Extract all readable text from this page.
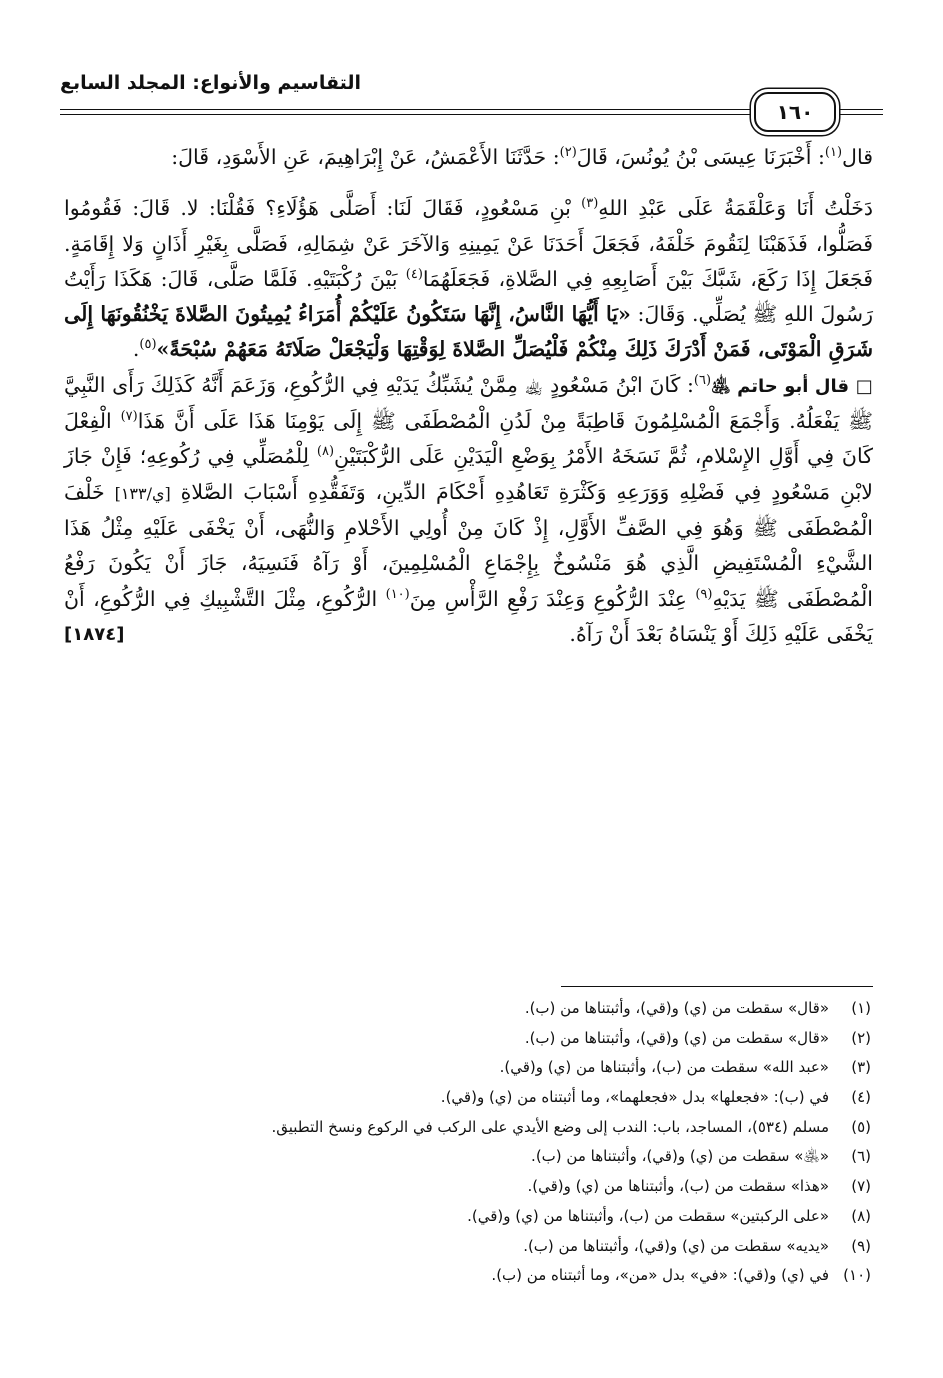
التقاسيم والأنواع: المجلد السابع
١٦٠

قال$^{(١)}$: أَخْبَرَنَا عِيسَى بْنُ يُونُسَ، قَالَ$^{(٢)}$: حَدَّثَنَا الأَعْمَشُ، عَنْ إِبْرَاهِيمَ، عَنِ الأَسْوَدِ، قَالَ:

دَخَلْتُ أَنَا وَعَلْقَمَةُ عَلَى عَبْدِ اللهِ$^{(٣)}$ بْنِ مَسْعُودٍ، فَقَالَ لَنَا: أَصَلَّى هَؤُلَاءِ؟ فَقُلْنَا: لا. قَالَ: فَقُومُوا فَصَلُّوا، فَذَهَبْنَا لِنَقُومَ خَلْفَهُ، فَجَعَلَ أَحَدَنَا عَنْ يَمِينِهِ وَالآخَرَ عَنْ شِمَالِهِ، فَصَلَّى بِغَيْرِ أَذَانٍ وَلا إِقَامَةٍ. فَجَعَلَ إِذَا رَكَعَ، شَبَّكَ بَيْنَ أَصَابِعِهِ فِي الصَّلاةِ، فَجَعَلَهُمَا$^{(٤)}$ بَيْنَ رُكْبَتَيْهِ. فَلَمَّا صَلَّى، قَالَ: هَكَذَا رَأَيْتُ رَسُولَ اللهِ ﷺ يُصَلِّي. وَقَالَ: «يَا أَيُّهَا النَّاسُ، إِنَّهَا سَتَكُونُ عَلَيْكُمْ أُمَرَاءُ يُمِيتُونَ الصَّلاةَ يَخْنُقُونَهَا إِلَى شَرَقِ الْمَوْتَى، فَمَنْ أَدْرَكَ ذَلِكَ مِنْكُمْ فَلْيُصَلِّ الصَّلاةَ لِوَقْتِهَا وَلْيَجْعَلْ صَلَاتَهُ مَعَهُمْ سُبْحَةً»$^{(٥)}$.

□ قال أبو حاتم ﵁$^{(٦)}$: كَانَ ابْنُ مَسْعُودٍ ﵀ مِمَّنْ يُشَبِّكُ يَدَيْهِ فِي الرُّكُوعِ، وَزَعَمَ أَنَّهُ كَذَلِكَ رَأَى النَّبِيَّ ﷺ يَفْعَلُهُ. وَأَجْمَعَ الْمُسْلِمُونَ قَاطِبَةً مِنْ لَدُنِ الْمُصْطَفَى ﷺ إِلَى يَوْمِنَا هَذَا عَلَى أَنَّ هَذَا$^{(٧)}$ الْفِعْلَ كَانَ فِي أَوَّلِ الإِسْلامِ، ثُمَّ نَسَخَهُ الأَمْرُ بِوَضْعِ الْيَدَيْنِ عَلَى الرُّكْبَتَيْنِ$^{(٨)}$ لِلْمُصَلِّي فِي رُكُوعِهِ؛ فَإِنْ جَازَ لابْنِ مَسْعُودٍ فِي فَضْلِهِ وَوَرَعِهِ وَكَثْرَةِ تَعَاهُدِهِ أَحْكَامَ الدِّينِ، وَتَفَقُّدِهِ أَسْبَابَ الصَّلاةِ [ي/١٣٣] خَلْفَ الْمُصْطَفَى ﷺ وَهُوَ فِي الصَّفِّ الأَوَّلِ، إِذْ كَانَ مِنْ أُولِي الأَحْلامِ وَالنُّهَى، أَنْ يَخْفَى عَلَيْهِ مِثْلُ هَذَا الشَّيْءِ الْمُسْتَفِيضِ الَّذِي هُوَ مَنْسُوخٌ بِإِجْمَاعِ الْمُسْلِمِينَ، أَوْ رَآهُ فَنَسِيَهُ، جَازَ أَنْ يَكُونَ رَفْعُ الْمُصْطَفَى ﷺ يَدَيْهِ$^{(٩)}$ عِنْدَ الرُّكُوعِ وَعِنْدَ رَفْعِ الرَّأْسِ مِنَ$^{(١٠)}$ الرُّكُوعِ، مِثْلَ التَّشْبِيكِ فِي الرُّكُوعِ، أَنْ يَخْفَى عَلَيْهِ ذَلِكَ أَوْ يَنْسَاهُ بَعْدَ أَنْ رَآهُ.
[١٨٧٤]

(١)
«قال» سقطت من (ي) و(قي)، وأثبتناها من (ب).
(٢)
«قال» سقطت من (ي) و(قي)، وأثبتناها من (ب).
(٣)
«عبد الله» سقطت من (ب)، وأثبتناها من (ي) و(قي).
(٤)
في (ب): «فجعلها» بدل «فجعلهما»، وما أثبتناه من (ي) و(قي).
(٥)
مسلم (٥٣٤)، المساجد، باب: الندب إلى وضع الأيدي على الركب في الركوع ونسخ التطبيق.
(٦)
«﵁» سقطت من (ي) و(قي)، وأثبتناها من (ب).
(٧)
«هذا» سقطت من (ب)، وأثبتناها من (ي) و(قي).
(٨)
«على الركبتين» سقطت من (ب)، وأثبتناها من (ي) و(قي).
(٩)
«يديه» سقطت من (ي) و(قي)، وأثبتناها من (ب).
(١٠)
في (ي) و(قي): «في» بدل «من»، وما أثبتناه من (ب).
